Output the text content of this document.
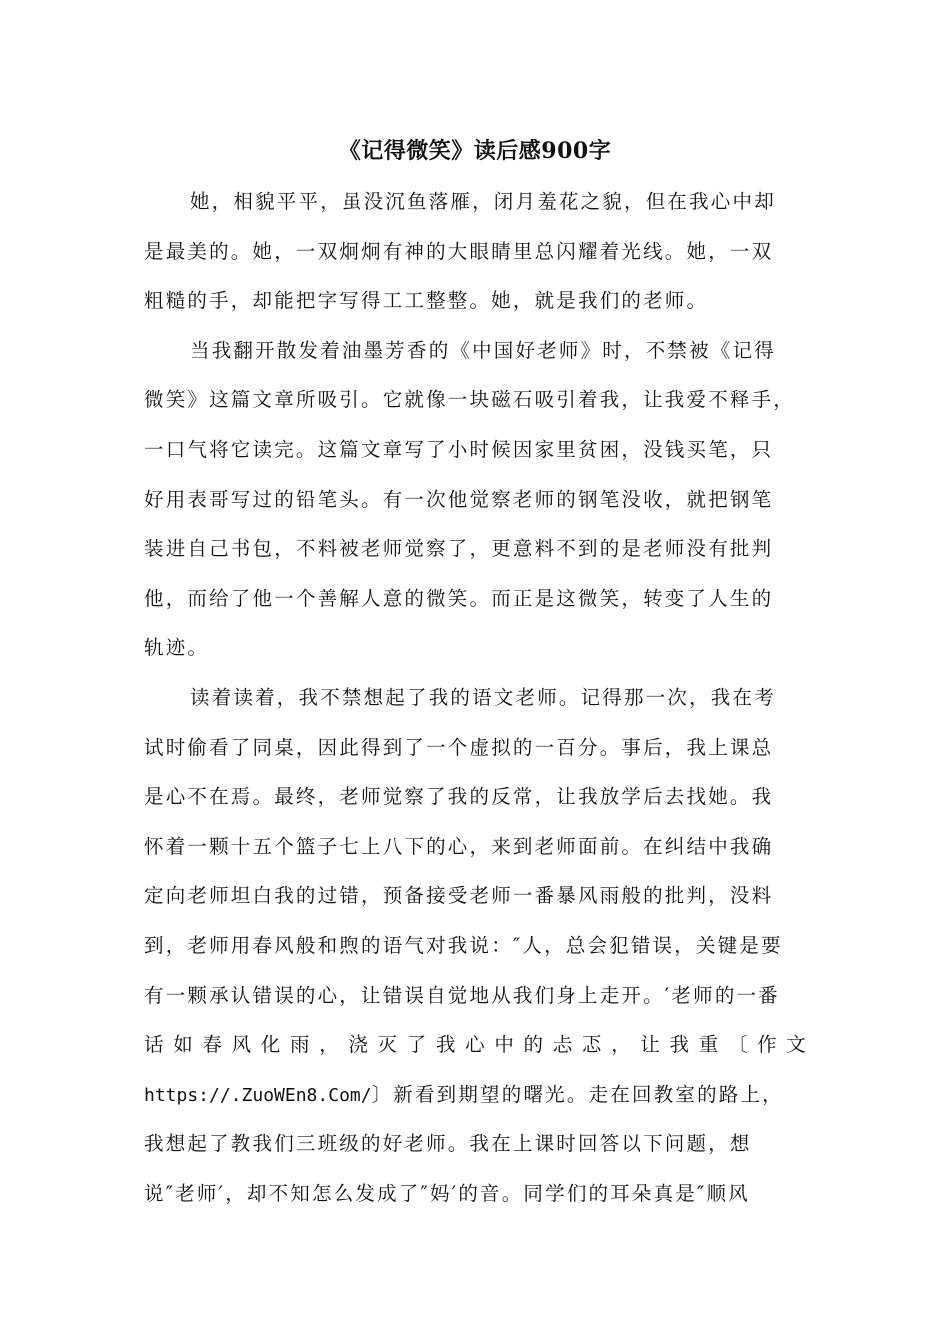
《记得微笑》读后感900字
她，相貌平平，虽没沉鱼落雁，闭月羞花之貌，但在我心中却
是最美的。她，一双炯炯有神的大眼睛里总闪耀着光线。她，一双
粗糙的手，却能把字写得工工整整。她，就是我们的老师。
当我翻开散发着油墨芳香的《中国好老师》时，不禁被《记得
微笑》这篇文章所吸引。它就像一块磁石吸引着我，让我爱不释手，
一口气将它读完。这篇文章写了小时候因家里贫困，没钱买笔，只
好用表哥写过的铅笔头。有一次他觉察老师的钢笔没收，就把钢笔
装进自己书包，不料被老师觉察了，更意料不到的是老师没有批判
他，而给了他一个善解人意的微笑。而正是这微笑，转变了人生的
轨迹。
读着读着，我不禁想起了我的语文老师。记得那一次，我在考
试时偷看了同桌，因此得到了一个虚拟的一百分。事后，我上课总
是心不在焉。最终，老师觉察了我的反常，让我放学后去找她。我
怀着一颗十五个篮子七上八下的心，来到老师面前。在纠结中我确
定向老师坦白我的过错，预备接受老师一番暴风雨般的批判，没料
到，老师用春风般和煦的语气对我说：″人，总会犯错误，关键是要
有一颗承认错误的心，让错误自觉地从我们身上走开。′老师的一番
话如春风化雨，浇灭了我心中的忐忑，让我重〔作文
https://.ZuoWEn8.Com/〕新看到期望的曙光。走在回教室的路上，
我想起了教我们三班级的好老师。我在上课时回答以下问题，想
说″老师′，却不知怎么发成了″妈′的音。同学们的耳朵真是″顺风
